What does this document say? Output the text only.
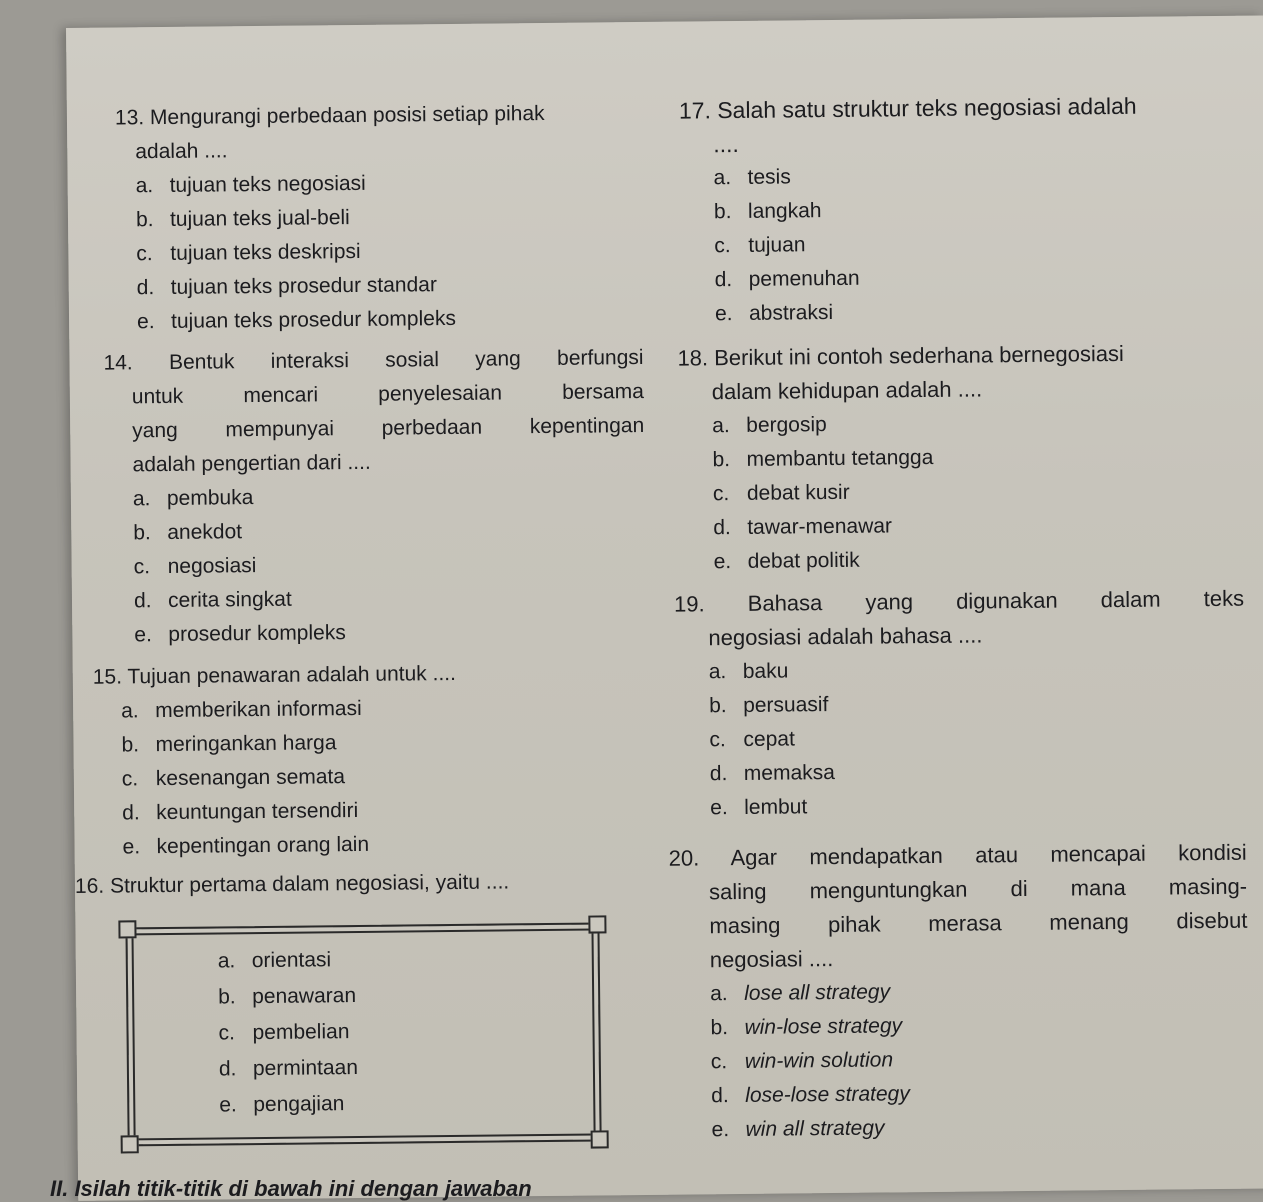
13. Mengurangi perbedaan posisi setiap pihak
adalah ....
a. tujuan teks negosiasi
b. tujuan teks jual-beli
c. tujuan teks deskripsi
d. tujuan teks prosedur standar
e. tujuan teks prosedur kompleks
14. Bentuk interaksi sosial yang berfungsi
untuk mencari penyelesaian bersama
yang mempunyai perbedaan kepentingan
adalah pengertian dari ....
a. pembuka
b. anekdot
c. negosiasi
d. cerita singkat
e. prosedur kompleks
15. Tujuan penawaran adalah untuk ....
a. memberikan informasi
b. meringankan harga
c. kesenangan semata
d. keuntungan tersendiri
e. kepentingan orang lain
16. Struktur pertama dalam negosiasi, yaitu ....
a. orientasi
b. penawaran
c. pembelian
d. permintaan
e. pengajian
17. Salah satu struktur teks negosiasi adalah
....
a. tesis
b. langkah
c. tujuan
d. pemenuhan
e. abstraksi
18. Berikut ini contoh sederhana bernegosiasi
dalam kehidupan adalah ....
a. bergosip
b. membantu tetangga
c. debat kusir
d. tawar-menawar
e. debat politik
19. Bahasa yang digunakan dalam teks
negosiasi adalah bahasa ....
a. baku
b. persuasif
c. cepat
d. memaksa
e. lembut
20. Agar mendapatkan atau mencapai kondisi
saling menguntungkan di mana masing-
masing pihak merasa menang disebut
negosiasi ....
a. lose all strategy
b. win-lose strategy
c. win-win solution
d. lose-lose strategy
e. win all strategy
II. Isilah titik-titik di bawah ini dengan jawaban
